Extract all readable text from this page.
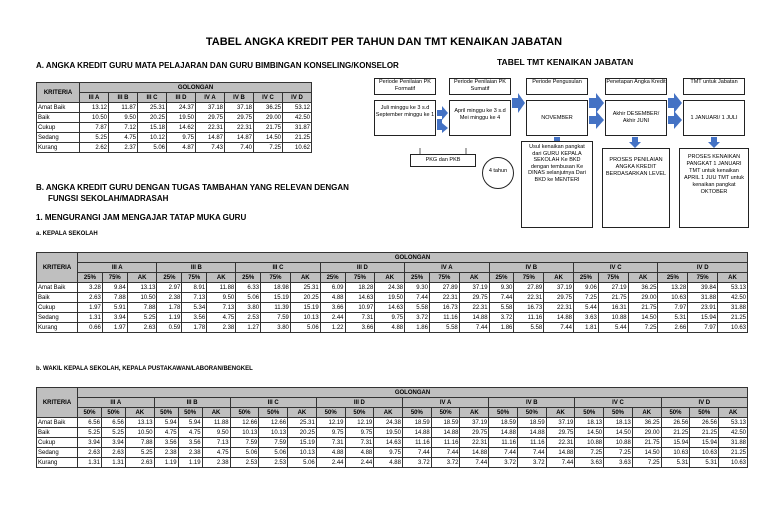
TABEL ANGKA KREDIT PER TAHUN DAN TMT KENAIKAN JABATAN
A. ANGKA KREDIT GURU MATA PELAJARAN DAN GURU BIMBINGAN KONSELING/KONSELOR
KRITERIA	GOLONGAN							
	III A	III B	III C	III D	IV A	IV B	IV C	IV D
Amat Baik	13.12	11.87	25.31	24.37	37.18	37.18	36.25	53.12
Baik	10.50	9.50	20.25	19.50	29.75	29.75	29.00	42.50
Cukup	7.87	7.12	15.18	14.62	22.31	22.31	21.75	31.87
Sedang	5.25	4.75	10.12	9.75	14.87	14.87	14.50	21.25
Kurang	2.62	2.37	5.06	4.87	7.43	7.40	7.25	10.62
TABEL TMT KENAIKAN JABATAN
Periode Penilaian PK Formatif
Periode Penilaian PK Sumatif
Periode Pengusulan	Penetapan Angka Kredit	TMT untuk Jabatan
Juli minggu ke 3 s.d September minggu ke 1
April minggu ke 3 s.d Mei minggu ke 4	NOVEMBER
Akhir DESEMBER/ Akhir JUNI	1 JANUARI/ 1 JULI
PKG dan PKB
4 tahun
Usul kenaikan pangkat dari GURU KEPALA SEKOLAH Ke BKD dengan tembusan Ke DINAS selanjutnya Dari BKD ke MENTERI
PROSES PENILAIAN ANGKA KREDIT BERDASARKAN LEVEL
PROSES KENAIKAN PANGKAT 1 JANUARI TMT untuk kenaikan APRIL 1 JUU TMT untuk kenaikan pangkat OKTOBER
B. ANGKA KREDIT GURU DENGAN TUGAS TAMBAHAN YANG RELEVAN DENGAN
FUNGSI SEKOLAH/MADRASAH
1. MENGURANGI JAM MENGAJAR TATAP MUKA GURU
a. KEPALA SEKOLAH
KRITERIA	GOLONGAN																							
	III A			III B			III C			III D			IV A			IV B			IV C			IV D		
	25%	75%	AK	25%	75%	AK	25%	75%	AK	25%	75%	AK	25%	75%	AK	25%	75%	AK	25%	75%	AK	25%	75%	AK
Amat Baik	3.28	9.84	13.13	2.97	8.91	11.88	6.33	18.98	25.31	6.09	18.28	24.38	9.30	27.89	37.19	9.30	27.89	37.19	9.06	27.19	36.25	13.28	39.84	53.13
Baik	2.63	7.88	10.50	2.38	7.13	9.50	5.06	15.19	20.25	4.88	14.63	19.50	7.44	22.31	29.75	7.44	22.31	29.75	7.25	21.75	29.00	10.63	31.88	42.50
Cukup	1.97	5.91	7.88	1.78	5.34	7.13	3.80	11.39	15.19	3.66	10.97	14.63	5.58	16.73	22.31	5.58	16.73	22.31	5.44	16.31	21.75	7.97	23.91	31.88
Sedang	1.31	3.94	5.25	1.19	3.56	4.75	2.53	7.59	10.13	2.44	7.31	9.75	3.72	11.16	14.88	3.72	11.16	14.88	3.63	10.88	14.50	5.31	15.94	21.25
Kurang	0.66	1.97	2.63	0.59	1.78	2.38	1.27	3.80	5.06	1.22	3.66	4.88	1.86	5.58	7.44	1.86	5.58	7.44	1.81	5.44	7.25	2.66	7.97	10.63
b. WAKIL KEPALA SEKOLAH, KEPALA PUSTAKAWAN/LABORAN/BENGKEL
KRITERIA	GOLONGAN																							
	III A			III B			III C			III D			IV A			IV B			IV C			IV D		
	50%	50%	AK	50%	50%	AK	50%	50%	AK	50%	50%	AK	50%	50%	AK	50%	50%	AK	50%	50%	AK	50%	50%	AK
Amat Baik	6.56	6.56	13.13	5.94	5.94	11.88	12.66	12.66	25.31	12.19	12.19	24.38	18.59	18.59	37.19	18.59	18.59	37.19	18.13	18.13	36.25	26.56	26.56	53.13
Baik	5.25	5.25	10.50	4.75	4.75	9.50	10.13	10.13	20.25	9.75	9.75	19.50	14.88	14.88	29.75	14.88	14.88	29.75	14.50	14.50	29.00	21.25	21.25	42.50
Cukup	3.94	3.94	7.88	3.56	3.56	7.13	7.59	7.59	15.19	7.31	7.31	14.63	11.16	11.16	22.31	11.16	11.16	22.31	10.88	10.88	21.75	15.94	15.94	31.88
Sedang	2.63	2.63	5.25	2.38	2.38	4.75	5.06	5.06	10.13	4.88	4.88	9.75	7.44	7.44	14.88	7.44	7.44	14.88	7.25	7.25	14.50	10.63	10.63	21.25
Kurang	1.31	1.31	2.63	1.19	1.19	2.38	2.53	2.53	5.06	2.44	2.44	4.88	3.72	3.72	7.44	3.72	3.72	7.44	3.63	3.63	7.25	5.31	5.31	10.63
